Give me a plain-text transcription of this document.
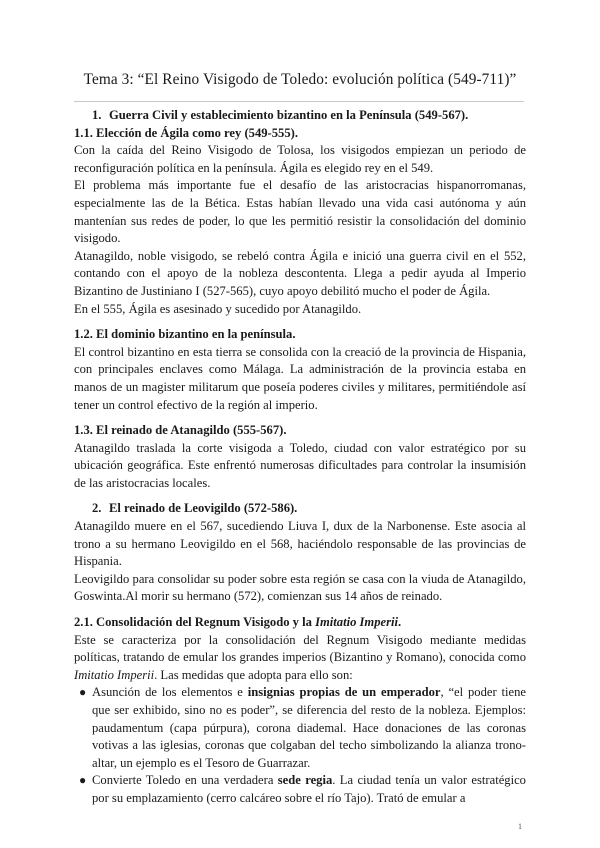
Tema 3: “El Reino Visigodo de Toledo: evolución política (549-711)”

1. Guerra Civil y establecimiento bizantino en la Península (549-567).

1.1. Elección de Ágila como rey (549-555).

Con la caída del Reino Visigodo de Tolosa, los visigodos empiezan un periodo de reconfiguración política en la península. Ágila es elegido rey en el 549.

El problema más importante fue el desafío de las aristocracias hispanorromanas, especialmente las de la Bética. Estas habían llevado una vida casi autónoma y aún mantenían sus redes de poder, lo que les permitió resistir la consolidación del dominio visigodo.

Atanagildo, noble visigodo, se rebeló contra Ágila e inició una guerra civil en el 552, contando con el apoyo de la nobleza descontenta. Llega a pedir ayuda al Imperio Bizantino de Justiniano I (527-565), cuyo apoyo debilitó mucho el poder de Ágila.

En el 555, Ágila es asesinado y sucedido por Atanagildo.

1.2. El dominio bizantino en la península.

El control bizantino en esta tierra se consolida con la creació de la provincia de Hispania, con principales enclaves como Málaga. La administración de la provincia estaba en manos de un magister militarum que poseía poderes civiles y militares, permitiéndole así tener un control efectivo de la región al imperio.

1.3. El reinado de Atanagildo (555-567).

Atanagildo traslada la corte visigoda a Toledo, ciudad con valor estratégico por su ubicación geográfica. Este enfrentó numerosas dificultades para controlar la insumisión de las aristocracias locales.

2. El reinado de Leovigildo (572-586).

Atanagildo muere en el 567, sucediendo Liuva I, dux de la Narbonense. Este asocia al trono a su hermano Leovigildo en el 568, haciéndolo responsable de las provincias de Hispania.

Leovigildo para consolidar su poder sobre esta región se casa con la viuda de Atanagildo, Goswinta.Al morir su hermano (572), comienzan sus 14 años de reinado.

2.1. Consolidación del Regnum Visigodo y la Imitatio Imperii.

Este se caracteriza por la consolidación del Regnum Visigodo mediante medidas políticas, tratando de emular los grandes imperios (Bizantino y Romano), conocida como Imitatio Imperii. Las medidas que adopta para ello son:

● Asunción de los elementos e insignias propias de un emperador, “el poder tiene que ser exhibido, sino no es poder”, se diferencia del resto de la nobleza. Ejemplos: paudamentum (capa púrpura), corona diademal. Hace donaciones de las coronas votivas a las iglesias, coronas que colgaban del techo simbolizando la alianza trono-altar, un ejemplo es el Tesoro de Guarrazar.
● Convierte Toledo en una verdadera sede regia. La ciudad tenía un valor estratégico por su emplazamiento (cerro calcáreo sobre el río Tajo). Trató de emular a
1
